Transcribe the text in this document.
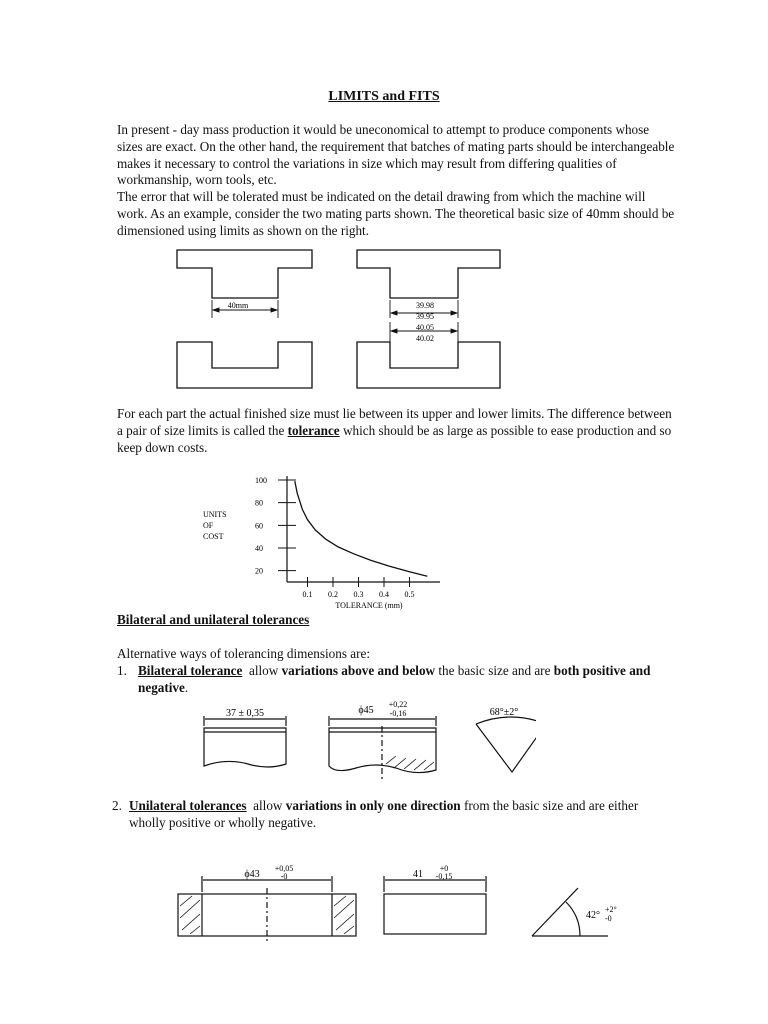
LIMITS and FITS
In present - day mass production it would be uneconomical to attempt to produce components whose sizes are exact. On the other hand, the requirement that batches of mating parts should be interchangeable makes it necessary to control the variations in size which may result from differing qualities of workmanship, worn tools, etc.
The error that will be tolerated must be indicated on the detail drawing from which the machine will work. As an example, consider the two mating parts shown. The theoretical basic size of 40mm should be dimensioned using limits as shown on the right.
40mm	39.98
39.95
40.05
40.02
For each part the actual finished size must lie between its upper and lower limits. The difference between a pair of size limits is called the tolerance which should be as large as possible to ease production and so keep down costs.
100
80
60
40
20
0.1 0.2 0.3 0.4 0.5
UNITS
OF
COST
TOLERANCE (mm)
Bilateral and unilateral tolerances
Alternative ways of tolerancing dimensions are:
1. Bilateral tolerance  allow variations above and below the basic size and are both positive and negative.
37 ± 0,35	ϕ45
+0,22
-0,16	68°±2°
2. Unilateral tolerances  allow variations in only one direction from the basic size and are either wholly positive or wholly negative.
ϕ43
+0,05
-0	41
+0
-0,15
42°
+2°
-0
